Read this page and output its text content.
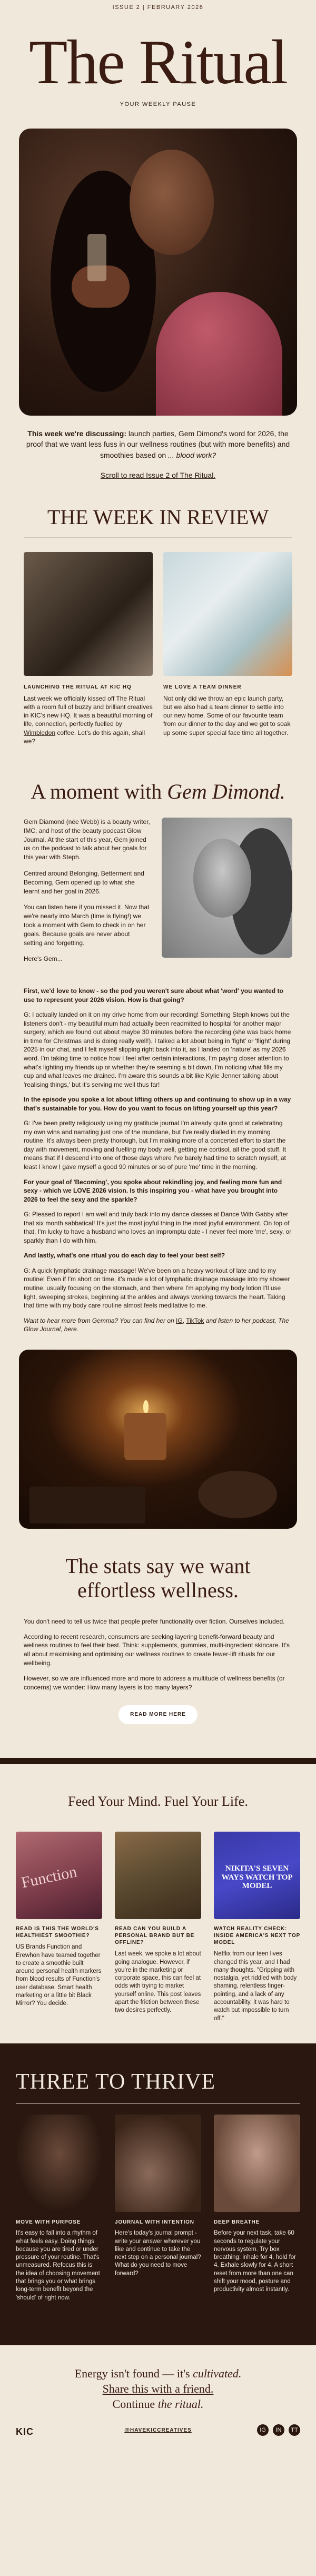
ISSUE 2 | FEBRUARY 2026
The Ritual
YOUR WEEKLY PAUSE
This week we're discussing: launch parties, Gem Dimond's word for 2026, the proof that we want less fuss in our wellness routines (but with more benefits) and smoothies based on ... blood work?
Scroll to read Issue 2 of The Ritual.
THE WEEK IN REVIEW
LAUNCHING THE RITUAL AT KIC HQ
Last week we officially kissed off The Ritual with a room full of buzzy and brilliant creatives in KIC's new HQ. It was a beautiful morning of life, connection, perfectly fuelled by Wimbledon coffee. Let's do this again, shall we?
WE LOVE A TEAM DINNER
Not only did we throw an epic launch party, but we also had a team dinner to settle into our new home. Some of our favourite team from our dinner to the day and we got to soak up some super special face time all together.
A moment with Gem Dimond.

Gem Diamond (née Webb) is a beauty writer, IMC, and host of the beauty podcast Glow Journal. At the start of this year, Gem joined us on the podcast to talk about her goals for this year with Steph.

Centred around Belonging, Betterment and Becoming, Gem opened up to what she learnt and her goal in 2026.

You can listen here if you missed it. Now that we're nearly into March (time is flying!) we took a moment with Gem to check in on her goals. Because goals are never about setting and forgetting.

Here's Gem...

First, we'd love to know - so the pod you weren't sure about what 'word' you wanted to use to represent your 2026 vision. How is that going?

G: I actually landed on it on my drive home from our recording! Something Steph knows but the listeners don't - my beautiful mum had actually been readmitted to hospital for another major surgery, which we found out about maybe 30 minutes before the recording (she was back home in time for Christmas and is doing really well!). I talked a lot about being in 'fight' or 'flight' during 2025 in our chat, and I felt myself slipping right back into it, as I landed on 'nature' as my 2026 word. I'm taking time to notice how I feel after certain interactions, I'm paying closer attention to what's lighting my friends up or whether they're seeming a bit down, I'm noticing what fills my cup and what leaves me drained. I'm aware this sounds a bit like Kylie Jenner talking about 'realising things,' but it's serving me well thus far!

In the episode you spoke a lot about lifting others up and continuing to show up in a way that's sustainable for you. How do you want to focus on lifting yourself up this year?

G: I've been pretty religiously using my gratitude journal I'm already quite good at celebrating my own wins and narrating just one of the mundane, but I've really dialled in my morning routine. It's always been pretty thorough, but I'm making more of a concerted effort to start the day with movement, moving and fuelling my body well, getting me cortisol, all the good stuff. It means that if I descend into one of those days where I've barely had time to scratch myself, at least I know I gave myself a good 90 minutes or so of pure 'me' time in the morning.

For your goal of 'Becoming', you spoke about rekindling joy, and feeling more fun and sexy - which we LOVE 2026 vision. Is this inspiring you - what have you brought into 2026 to feel the sexy and the sparkle?

G: Pleased to report I am well and truly back into my dance classes at Dance With Gabby after that six month sabbatical! It's just the most joyful thing in the most joyful environment. On top of that, I'm lucky to have a husband who loves an impromptu date - I never feel more 'me', sexy, or sparkly than I do with him.

And lastly, what's one ritual you do each day to feel your best self?

G: A quick lymphatic drainage massage! We've been on a heavy workout of late and to my routine! Even if I'm short on time, it's made a lot of lymphatic drainage massage into my shower routine, usually focusing on the stomach, and then where I'm applying my body lotion I'll use light, sweeping strokes, beginning at the ankles and always working towards the heart. Taking that time with my body care routine almost feels meditative to me.

Want to hear more from Gemma? You can find her on IG, TikTok and listen to her podcast, The Glow Journal, here.

The stats say we want effortless wellness.

You don't need to tell us twice that people prefer functionality over fiction. Ourselves included.

According to recent research, consumers are seeking layering benefit-forward beauty and wellness routines to feel their best. Think: supplements, gummies, multi-ingredient skincare. It's all about maximising and optimising our wellness routines to create fewer-lift rituals for our wellbeing.

However, so we are influenced more and more to address a multitude of wellness benefits (or concerns) we wonder: How many layers is too many layers?

READ MORE HERE
Feed Your Mind. Fuel Your Life.
Function
READ IS THIS THE WORLD'S HEALTHIEST SMOOTHIE?
US Brands Function and Erewhon have teamed together to create a smoothie built around personal health markers from blood results of Function's user database. Smart health marketing or a little bit Black Mirror? You decide.
READ CAN YOU BUILD A PERSONAL BRAND BUT BE OFFLINE?
Last week, we spoke a lot about going analogue. However, if you're in the marketing or corporate space, this can feel at odds with trying to market yourself online. This post leaves apart the friction between these two desires perfectly.
NIKITA'S SEVEN WAYS WATCH TOP MODEL
WATCH REALITY CHECK: INSIDE AMERICA'S NEXT TOP MODEL
Netflix from our teen lives changed this year, and I had many thoughts. "Gripping with nostalgia, yet riddled with body shaming, relentless finger-pointing, and a lack of any accountability, it was hard to watch but impossible to turn off."
THREE TO THRIVE
MOVE WITH PURPOSE
It's easy to fall into a rhythm of what feels easy. Doing things because you are tired or under pressure of your routine. That's unmeasured. Refocus this is the idea of choosing movement that brings you or what brings long-term benefit beyond the 'should' of right now.
JOURNAL WITH INTENTION
Here's today's journal prompt - write your answer wherever you like and continue to take the next step on a personal journal? What do you need to move forward?
DEEP BREATHE
Before your next task, take 60 seconds to regulate your nervous system. Try box breathing: inhale for 4, hold for 4. Exhale slowly for 4. A short reset from more than one can shift your mood, posture and productivity almost instantly.
Energy isn't found — it's cultivated.
Share this with a friend.
Continue the ritual.
KIC	@HAVEKICCREATIVES	IG	IN	TT
